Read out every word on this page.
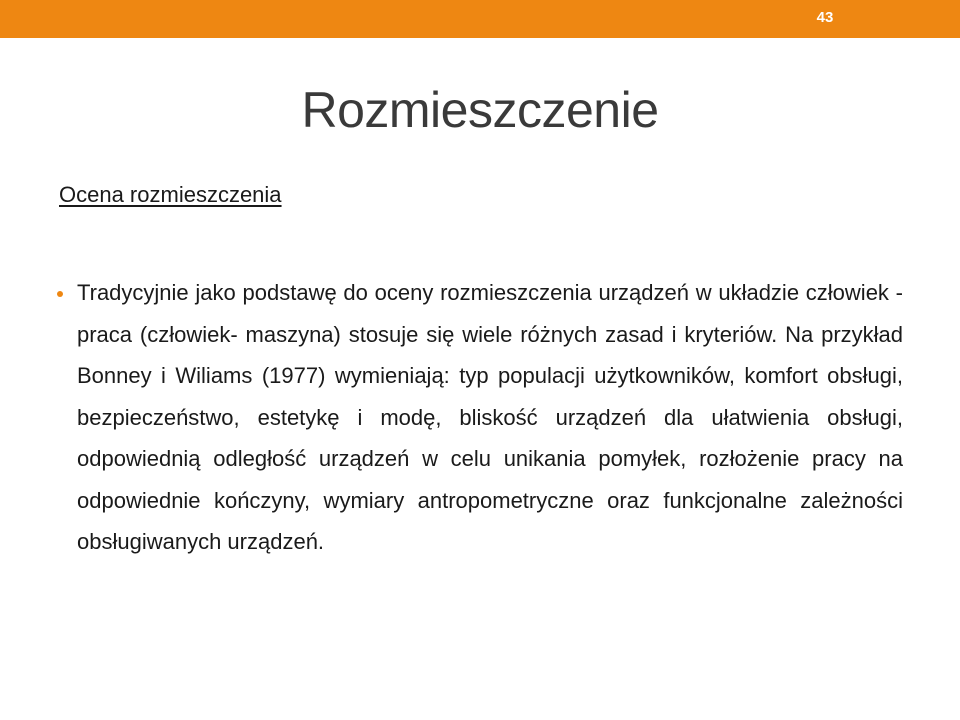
43
Rozmieszczenie
Ocena rozmieszczenia

Tradycyjnie jako podstawę do oceny rozmieszczenia urządzeń w układzie człowiek - praca (człowiek- maszyna) stosuje się wiele różnych zasad i kryteriów. Na przykład Bonney i Wiliams (1977) wymieniają: typ populacji użytkowników, komfort obsługi, bezpieczeństwo, estetykę i modę, bliskość urządzeń dla ułatwienia obsługi, odpowiednią odległość urządzeń w celu unikania pomyłek, rozłożenie pracy na odpowiednie kończyny, wymiary antropometryczne oraz funkcjonalne zależności obsługiwanych urządzeń.
